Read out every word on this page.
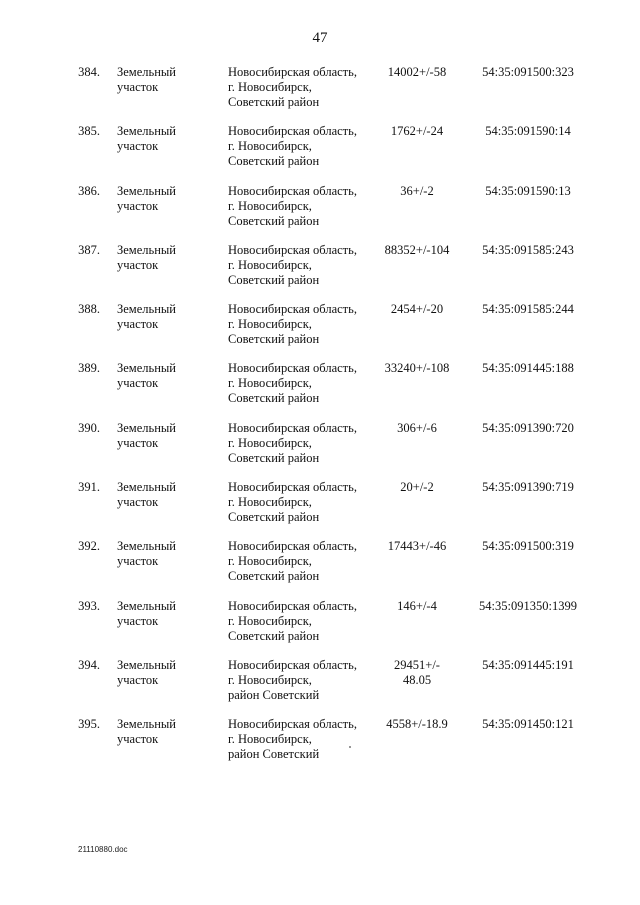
47
384. Земельный
участок
Новосибирская область,
г. Новосибирск,
Советский район
14002+/-58	54:35:091500:323
385. Земельный
участок
Новосибирская область,
г. Новосибирск,
Советский район
1762+/-24	54:35:091590:14
386. Земельный
участок
Новосибирская область,
г. Новосибирск,
Советский район
36+/-2	54:35:091590:13
387. Земельный
участок
Новосибирская область,
г. Новосибирск,
Советский район
88352+/-104	54:35:091585:243
388. Земельный
участок
Новосибирская область,
г. Новосибирск,
Советский район
2454+/-20	54:35:091585:244
389. Земельный
участок
Новосибирская область,
г. Новосибирск,
Советский район
33240+/-108	54:35:091445:188
390. Земельный
участок
Новосибирская область,
г. Новосибирск,
Советский район
306+/-6	54:35:091390:720
391. Земельный
участок
Новосибирская область,
г. Новосибирск,
Советский район
20+/-2	54:35:091390:719
392. Земельный
участок
Новосибирская область,
г. Новосибирск,
Советский район
17443+/-46	54:35:091500:319
393. Земельный
участок
Новосибирская область,
г. Новосибирск,
Советский район
146+/-4	54:35:091350:1399
394. Земельный
участок
Новосибирская область,
г. Новосибирск,
район Советский
29451+/-
48.05
54:35:091445:191
395. Земельный
участок
Новосибирская область,
г. Новосибирск,
район Советский
4558+/-18.9	54:35:091450:121
21110880.doc
